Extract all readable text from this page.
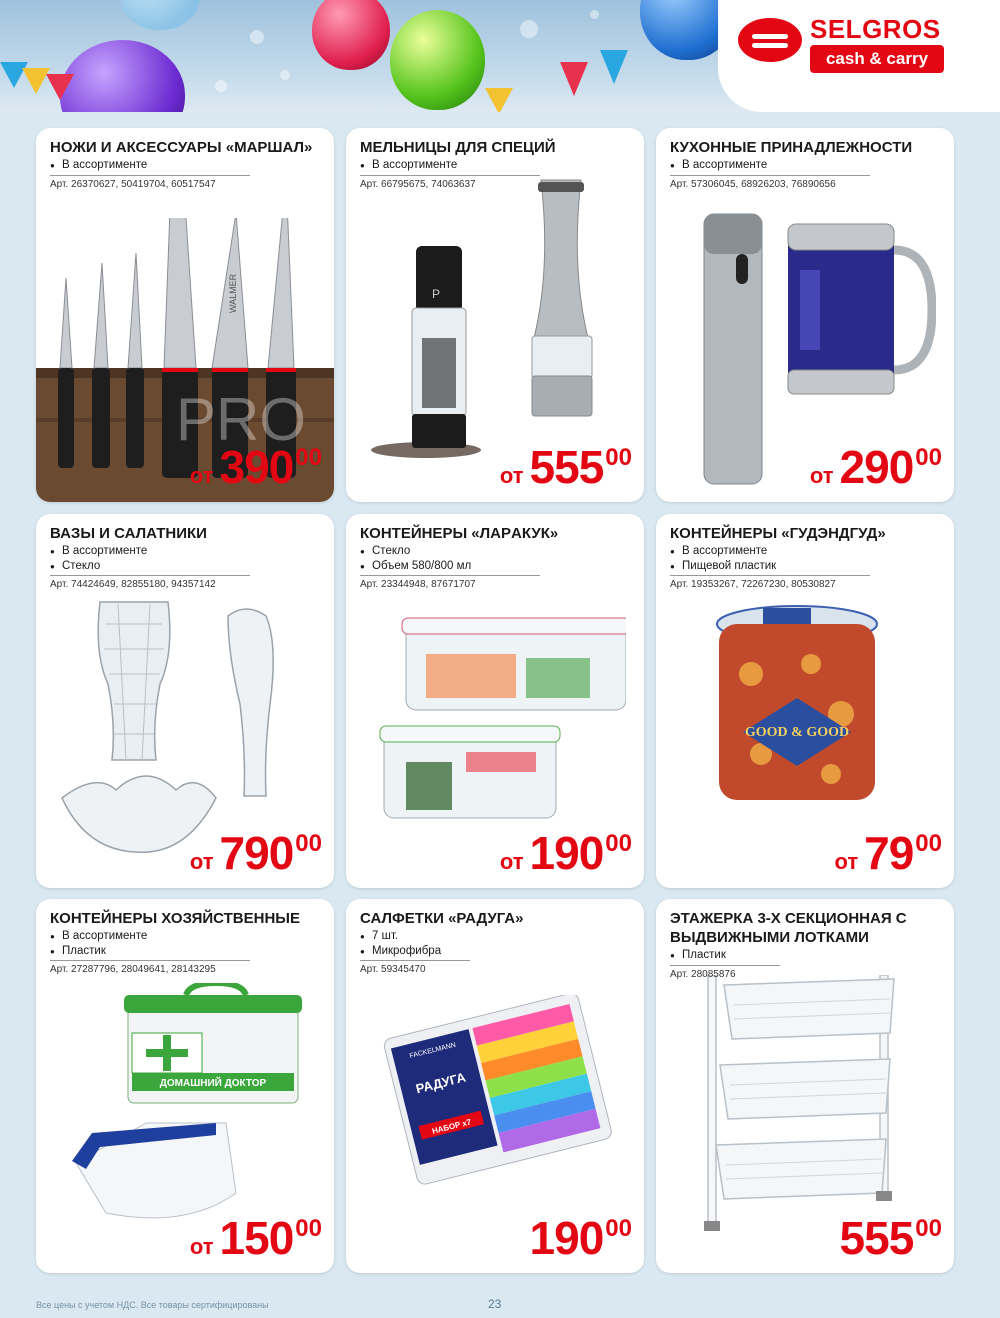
SELGROS
cash & carry
WALMER
PRO
НОЖИ И АКСЕССУАРЫ «МАРШАЛ»
● В ассортименте
Арт. 26370627, 50419704, 60517547
от 39000
P
МЕЛЬНИЦЫ ДЛЯ СПЕЦИЙ
● В ассортименте
Арт. 66795675, 74063637
от 55500
КУХОННЫЕ ПРИНАДЛЕЖНОСТИ
● В ассортименте
Арт. 57306045, 68926203, 76890656
от 29000
ВАЗЫ И САЛАТНИКИ
● В ассортименте
● Стекло
Арт. 74424649, 82855180, 94357142
от 79000
КОНТЕЙНЕРЫ «ЛАPАКУК»
● Стекло
● Объем 580/800 мл
Арт. 23344948, 87671707
от 19000
GOOD & GOOD
КОНТЕЙНЕРЫ «ГУДЭНДГУД»
● В ассортименте
● Пищевой пластик
Арт. 19353267, 72267230, 80530827
от 7900
ДОМАШНИЙ ДОКТОР
КОНТЕЙНЕРЫ ХОЗЯЙСТВЕННЫЕ
● В ассортименте
● Пластик
Арт. 27287796, 28049641, 28143295
от 15000
РАДУГА
НАБОР х7
FACKELMANN
САЛФЕТКИ «РАДУГА»
● 7 шт.
● Микрофибра
Арт. 59345470
19000
ЭТАЖЕРКА 3-Х СЕКЦИОННАЯ С ВЫДВИЖНЫМИ ЛОТКАМИ
● Пластик
Арт. 28085876
55500
Все цены с учетом НДС. Все товары сертифицированы	23
